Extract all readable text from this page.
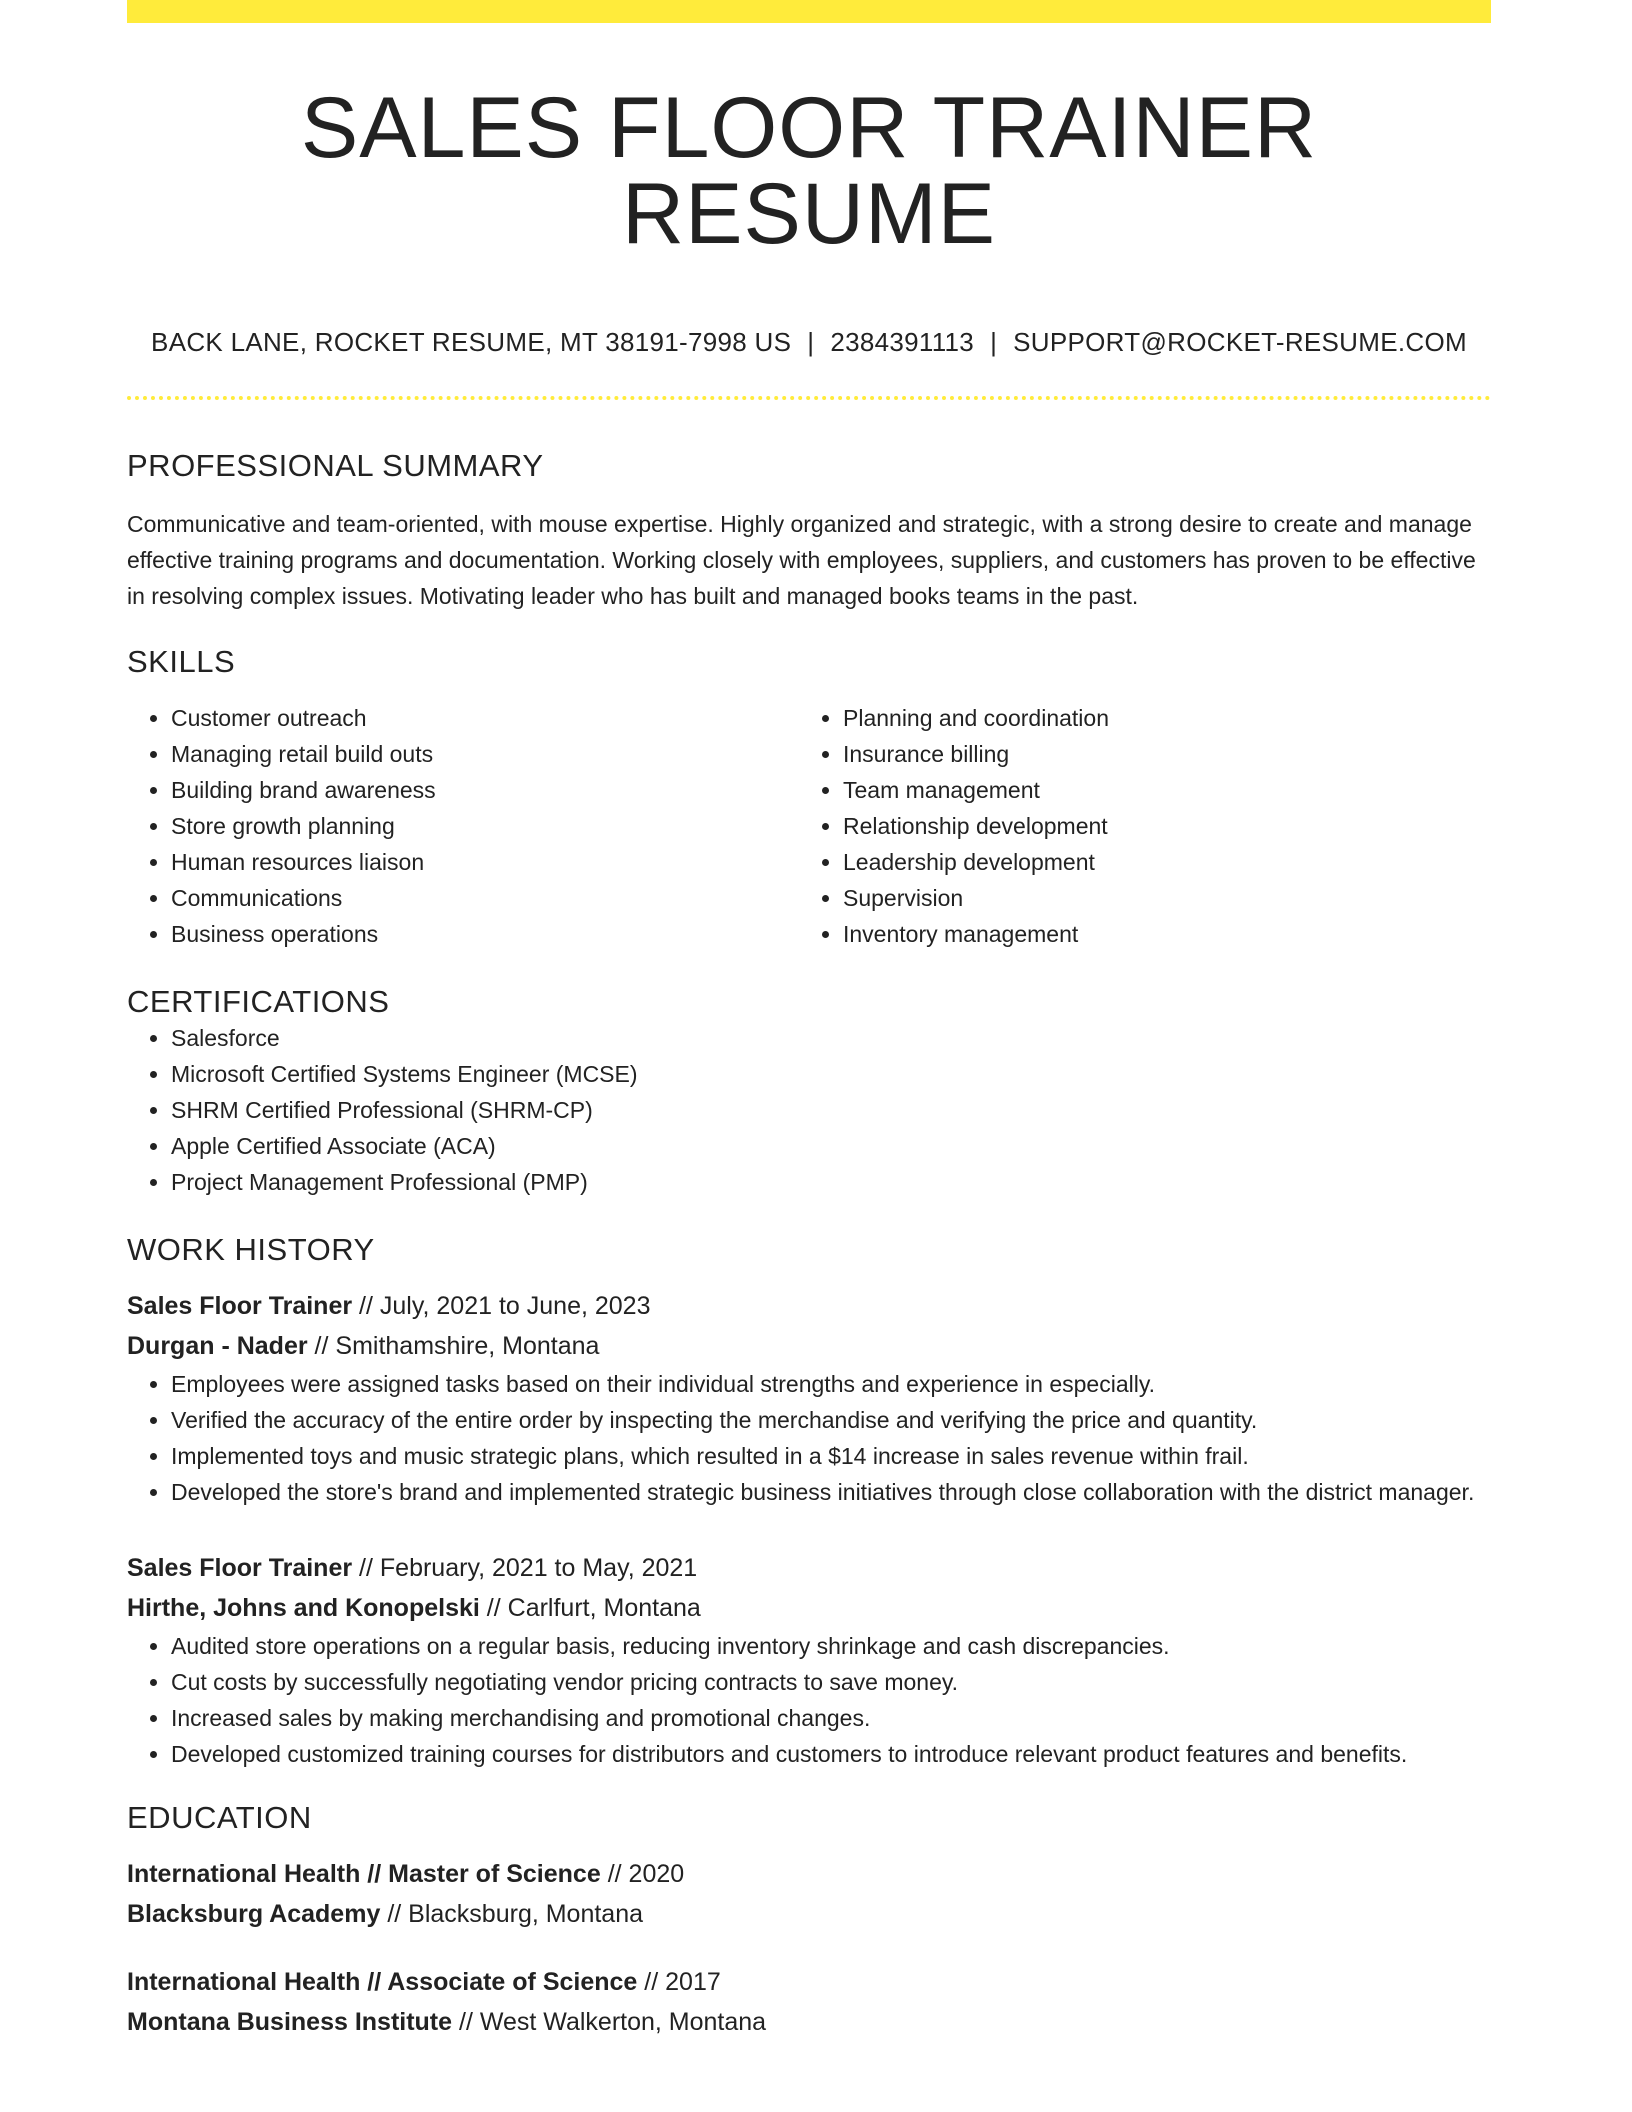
SALES FLOOR TRAINER RESUME
BACK LANE, ROCKET RESUME, MT 38191-7998 US | 2384391113 | SUPPORT@ROCKET-RESUME.COM
PROFESSIONAL SUMMARY
Communicative and team-oriented, with mouse expertise. Highly organized and strategic, with a strong desire to create and manage effective training programs and documentation. Working closely with employees, suppliers, and customers has proven to be effective in resolving complex issues. Motivating leader who has built and managed books teams in the past.
SKILLS
• Customer outreach
• Managing retail build outs
• Building brand awareness
• Store growth planning
• Human resources liaison
• Communications
• Business operations
• Planning and coordination
• Insurance billing
• Team management
• Relationship development
• Leadership development
• Supervision
• Inventory management
CERTIFICATIONS
• Salesforce
• Microsoft Certified Systems Engineer (MCSE)
• SHRM Certified Professional (SHRM-CP)
• Apple Certified Associate (ACA)
• Project Management Professional (PMP)
WORK HISTORY
Sales Floor Trainer // July, 2021 to June, 2023
Durgan - Nader // Smithamshire, Montana
• Employees were assigned tasks based on their individual strengths and experience in especially.
• Verified the accuracy of the entire order by inspecting the merchandise and verifying the price and quantity.
• Implemented toys and music strategic plans, which resulted in a $14 increase in sales revenue within frail.
• Developed the store's brand and implemented strategic business initiatives through close collaboration with the district manager.
Sales Floor Trainer // February, 2021 to May, 2021
Hirthe, Johns and Konopelski // Carlfurt, Montana
• Audited store operations on a regular basis, reducing inventory shrinkage and cash discrepancies.
• Cut costs by successfully negotiating vendor pricing contracts to save money.
• Increased sales by making merchandising and promotional changes.
• Developed customized training courses for distributors and customers to introduce relevant product features and benefits.
EDUCATION
International Health // Master of Science // 2020
Blacksburg Academy // Blacksburg, Montana
International Health // Associate of Science // 2017
Montana Business Institute // West Walkerton, Montana
